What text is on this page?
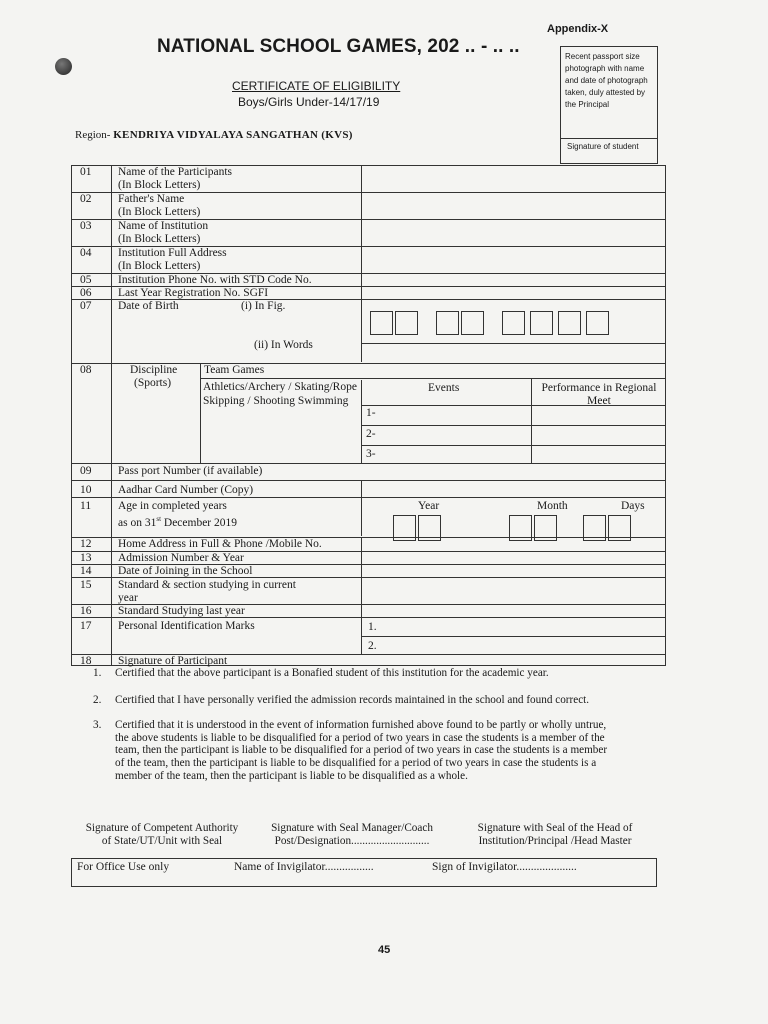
Appendix-X
NATIONAL SCHOOL GAMES, 202 .. - .. ..
CERTIFICATE OF ELIGIBILITY
Boys/Girls Under-14/17/19
Recent passport size photograph with name and date of photograph taken, duly attested by the Principal
Signature of student
Region- KENDRIYA VIDYALAYA SANGATHAN (KVS)
01 Name of the Participants
(In Block Letters)
02 Father's Name
(In Block Letters)
03 Name of Institution
(In Block Letters)
04 Institution Full Address
(In Block Letters)
05 Institution Phone No. with STD Code No.
06 Last Year Registration No. SGFI
07 Date of Birth	(i) In Fig.
(ii) In Words
08	Discipline
(Sports)
Team Games
Athletics/Archery / Skating/Rope Skipping / Shooting Swimming
Events	Performance in Regional Meet
1-
2-
3-
09 Pass port Number (if available)
10 Aadhar Card Number (Copy)
11 Age in completed years
as on 31st December 2019
Year	Month	Days
12 Home Address in Full & Phone /Mobile No.
13 Admission Number & Year
14 Date of Joining in the School
15 Standard & section studying in current
year
16 Standard Studying last year
17 Personal Identification Marks	1.
2.
18 Signature of Participant
1. Certified that the above participant is a Bonafied student of this institution for the academic year.
2. Certified that I have personally verified the admission records maintained in the school and found correct.
3. Certified that it is understood in the event of information furnished above found to be partly or wholly untrue, the above students is liable to be disqualified for a period of two years in case the students is a member of the team, then the participant is liable to be disqualified for a period of two years in case the students is a member of the team, then the participant is liable to be disqualified for a period of two years in case the students is a member of the team, then the participant is liable to be disqualified as a whole.
Signature of Competent Authority of State/UT/Unit with Seal
Signature with Seal Manager/Coach Post/Designation............................
Signature with Seal of the Head of Institution/Principal /Head Master
For Office Use only	Name of Invigilator.................	Sign of Invigilator.....................
45
